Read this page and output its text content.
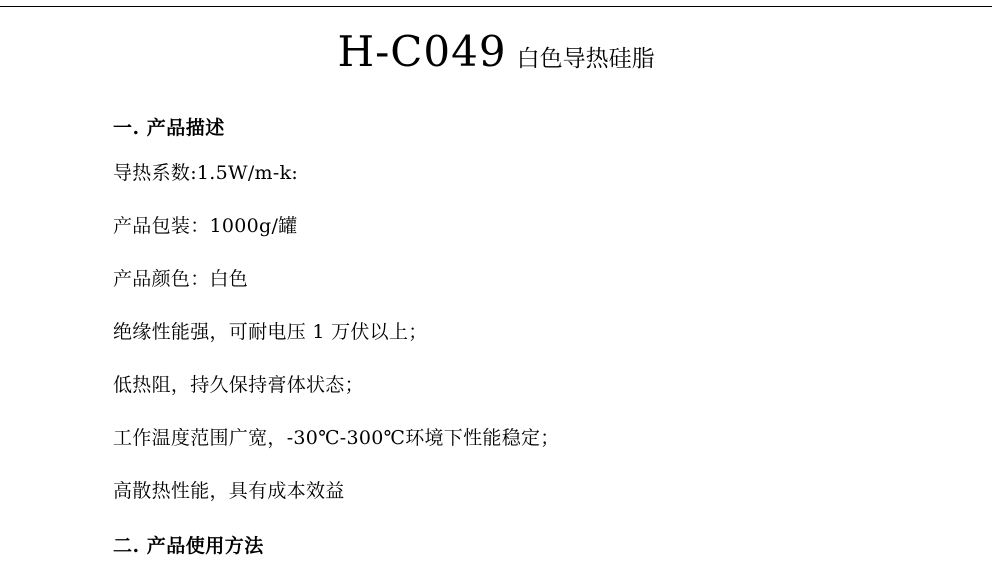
H-C049 白色导热硅脂
一. 产品描述

导热系数:1.5W/m-k:

产品包装：1000g/罐

产品颜色：白色

绝缘性能强，可耐电压 1 万伏以上；

低热阻，持久保持膏体状态；

工作温度范围广宽，-30℃-300℃环境下性能稳定；

高散热性能，具有成本效益

二. 产品使用方法
